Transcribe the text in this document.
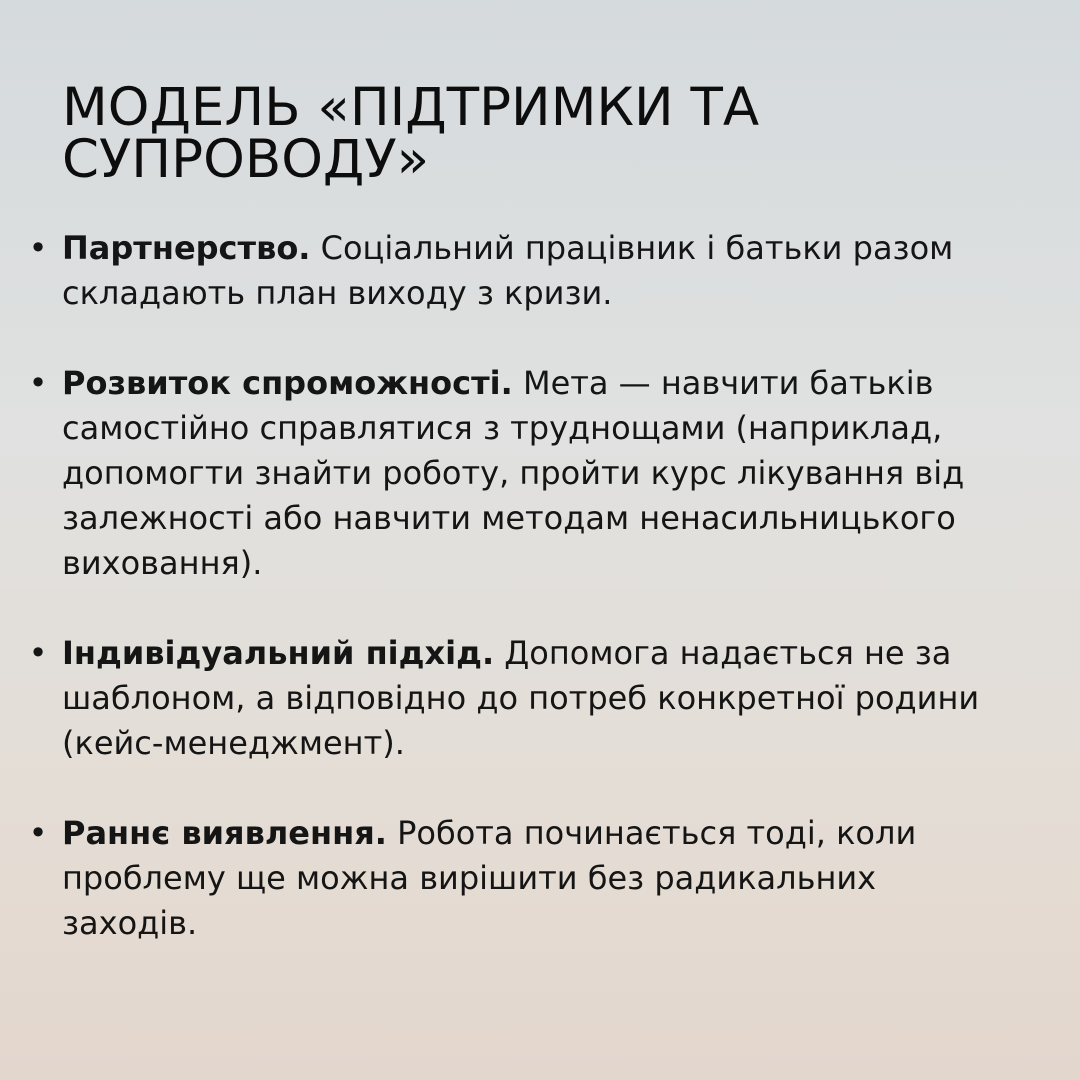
МОДЕЛЬ «ПІДТРИМКИ ТА СУПРОВОДУ»
• Партнерство. Соціальний працівник і батьки разом складають план виходу з кризи.
• Розвиток спроможності. Мета — навчити батьків самостійно справлятися з труднощами (наприклад, допомогти знайти роботу, пройти курс лікування від залежності або навчити методам ненасильницького виховання).
• Індивідуальний підхід. Допомога надається не за шаблоном, а відповідно до потреб конкретної родини (кейс-менеджмент).
• Раннє виявлення. Робота починається тоді, коли проблему ще можна вирішити без радикальних заходів.
